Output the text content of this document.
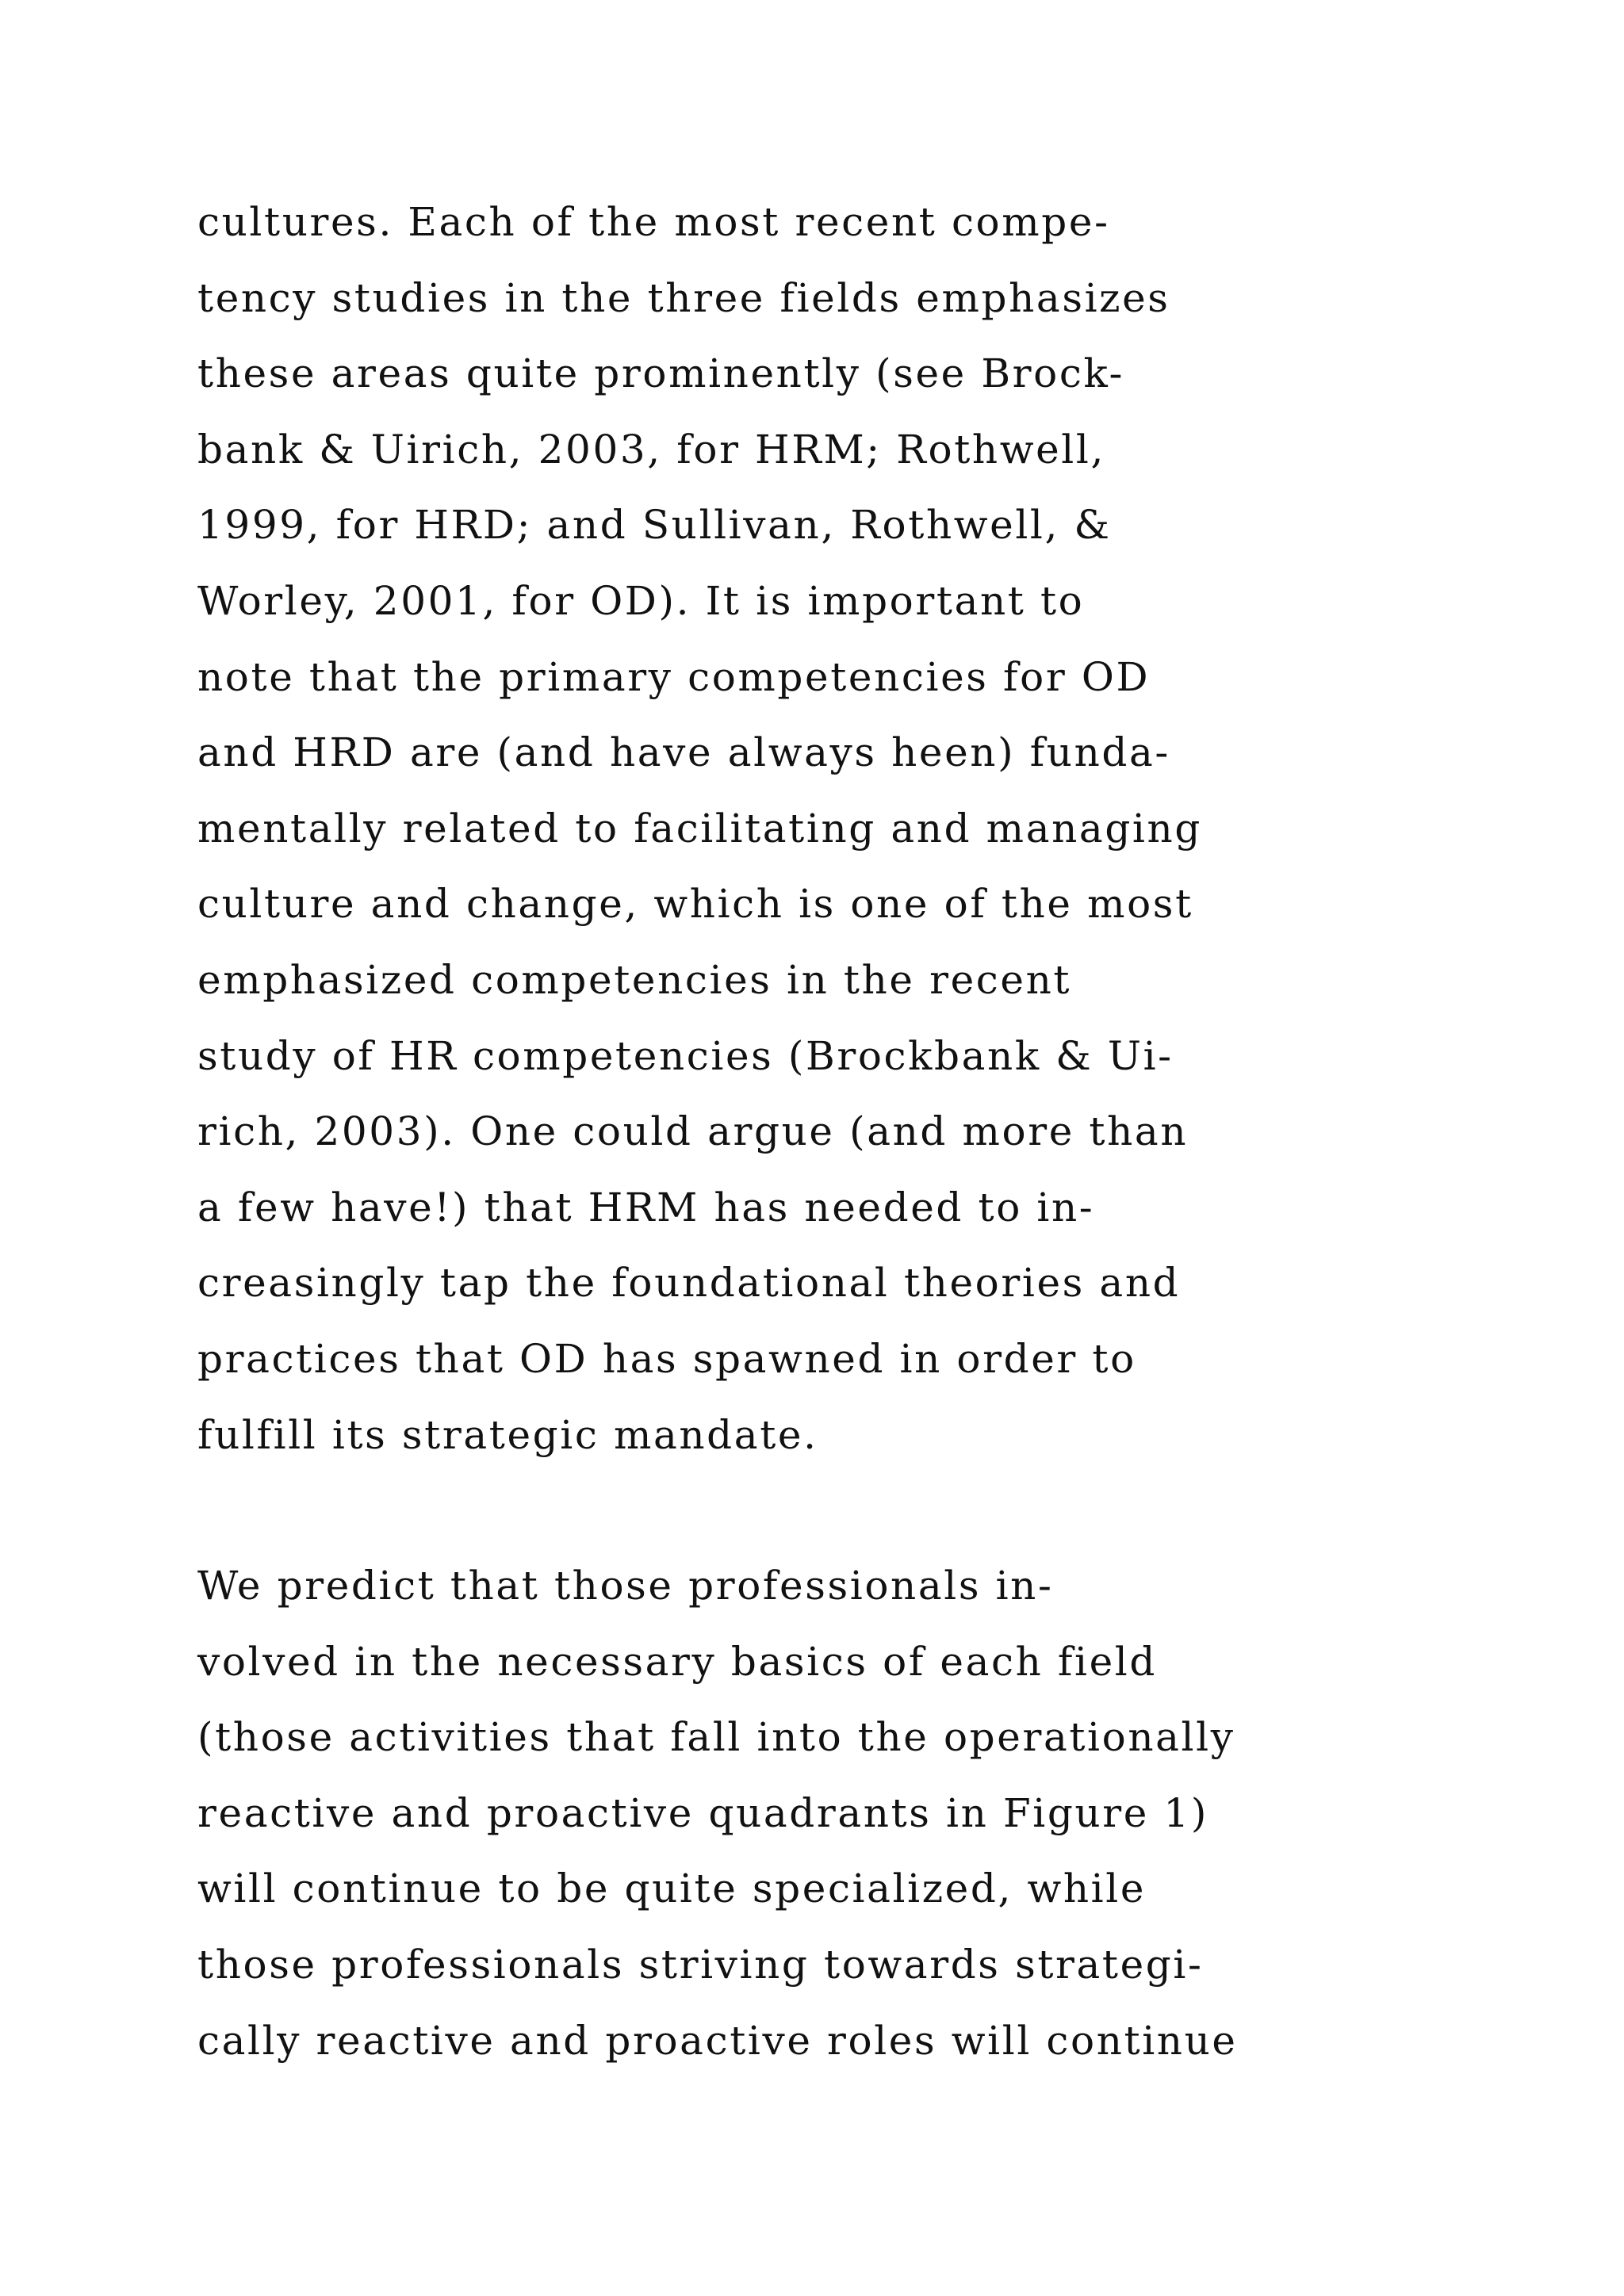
cultures. Each of the most recent compe-
tency studies in the three fields emphasizes
these areas quite prominently (see Brock-
bank & Uirich, 2003, for HRM; Rothwell,
1999, for HRD; and Sullivan, Rothwell, &
Worley, 2001, for OD). It is important to
note that the primary competencies for OD
and HRD are (and have always heen) funda-
mentally related to facilitating and managing
culture and change, which is one of the most
emphasized competencies in the recent
study of HR competencies (Brockbank & Ui-
rich, 2003). One could argue (and more than
a few have!) that HRM has needed to in-
creasingly tap the foundational theories and
practices that OD has spawned in order to
fulfill its strategic mandate.
We predict that those professionals in-
volved in the necessary basics of each field
(those activities that fall into the operationally
reactive and proactive quadrants in Figure 1)
will continue to be quite specialized, while
those professionals striving towards strategi-
cally reactive and proactive roles will continue
